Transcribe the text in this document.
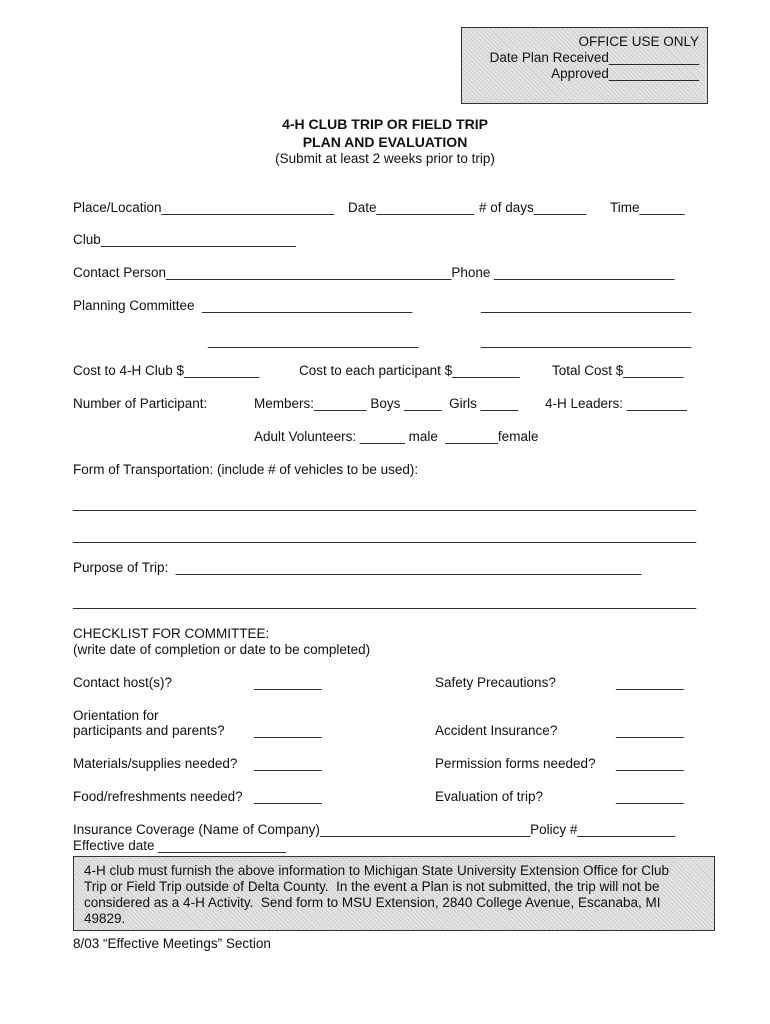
OFFICE USE ONLY
Date Plan Received____________
Approved____________
4-H CLUB TRIP OR FIELD TRIP
PLAN AND EVALUATION
(Submit at least 2 weeks prior to trip)
Place/Location_______________________ Date_____________ # of days_______ Time______
Club__________________________
Contact Person______________________________________Phone ________________________
Planning Committee  ____________________________	____________________________
____________________________	____________________________
Cost to 4-H Club $__________	Cost to each participant $_________ Total Cost $________
Number of Participant:	Members:_______ Boys _____  Girls _____ 4-H Leaders: ________
Adult Volunteers: ______ male  _______female
Form of Transportation: (include # of vehicles to be used):
___________________________________________________________________________________
___________________________________________________________________________________
Purpose of Trip:  ______________________________________________________________
___________________________________________________________________________________
CHECKLIST FOR COMMITTEE:
(write date of completion or date to be completed)
Contact host(s)?	_________	Safety Precautions?	_________
Orientation for
participants and parents? _________	Accident Insurance?	_________
Materials/supplies needed? _________	Permission forms needed? _________
Food/refreshments needed? _________	Evaluation of trip?	_________
Insurance Coverage (Name of Company)____________________________Policy #_____________
Effective date _________________
4-H club must furnish the above information to Michigan State University Extension Office for Club
Trip or Field Trip outside of Delta County.  In the event a Plan is not submitted, the trip will not be
considered as a 4-H Activity.  Send form to MSU Extension, 2840 College Avenue, Escanaba, MI
49829.
8/03 “Effective Meetings” Section
